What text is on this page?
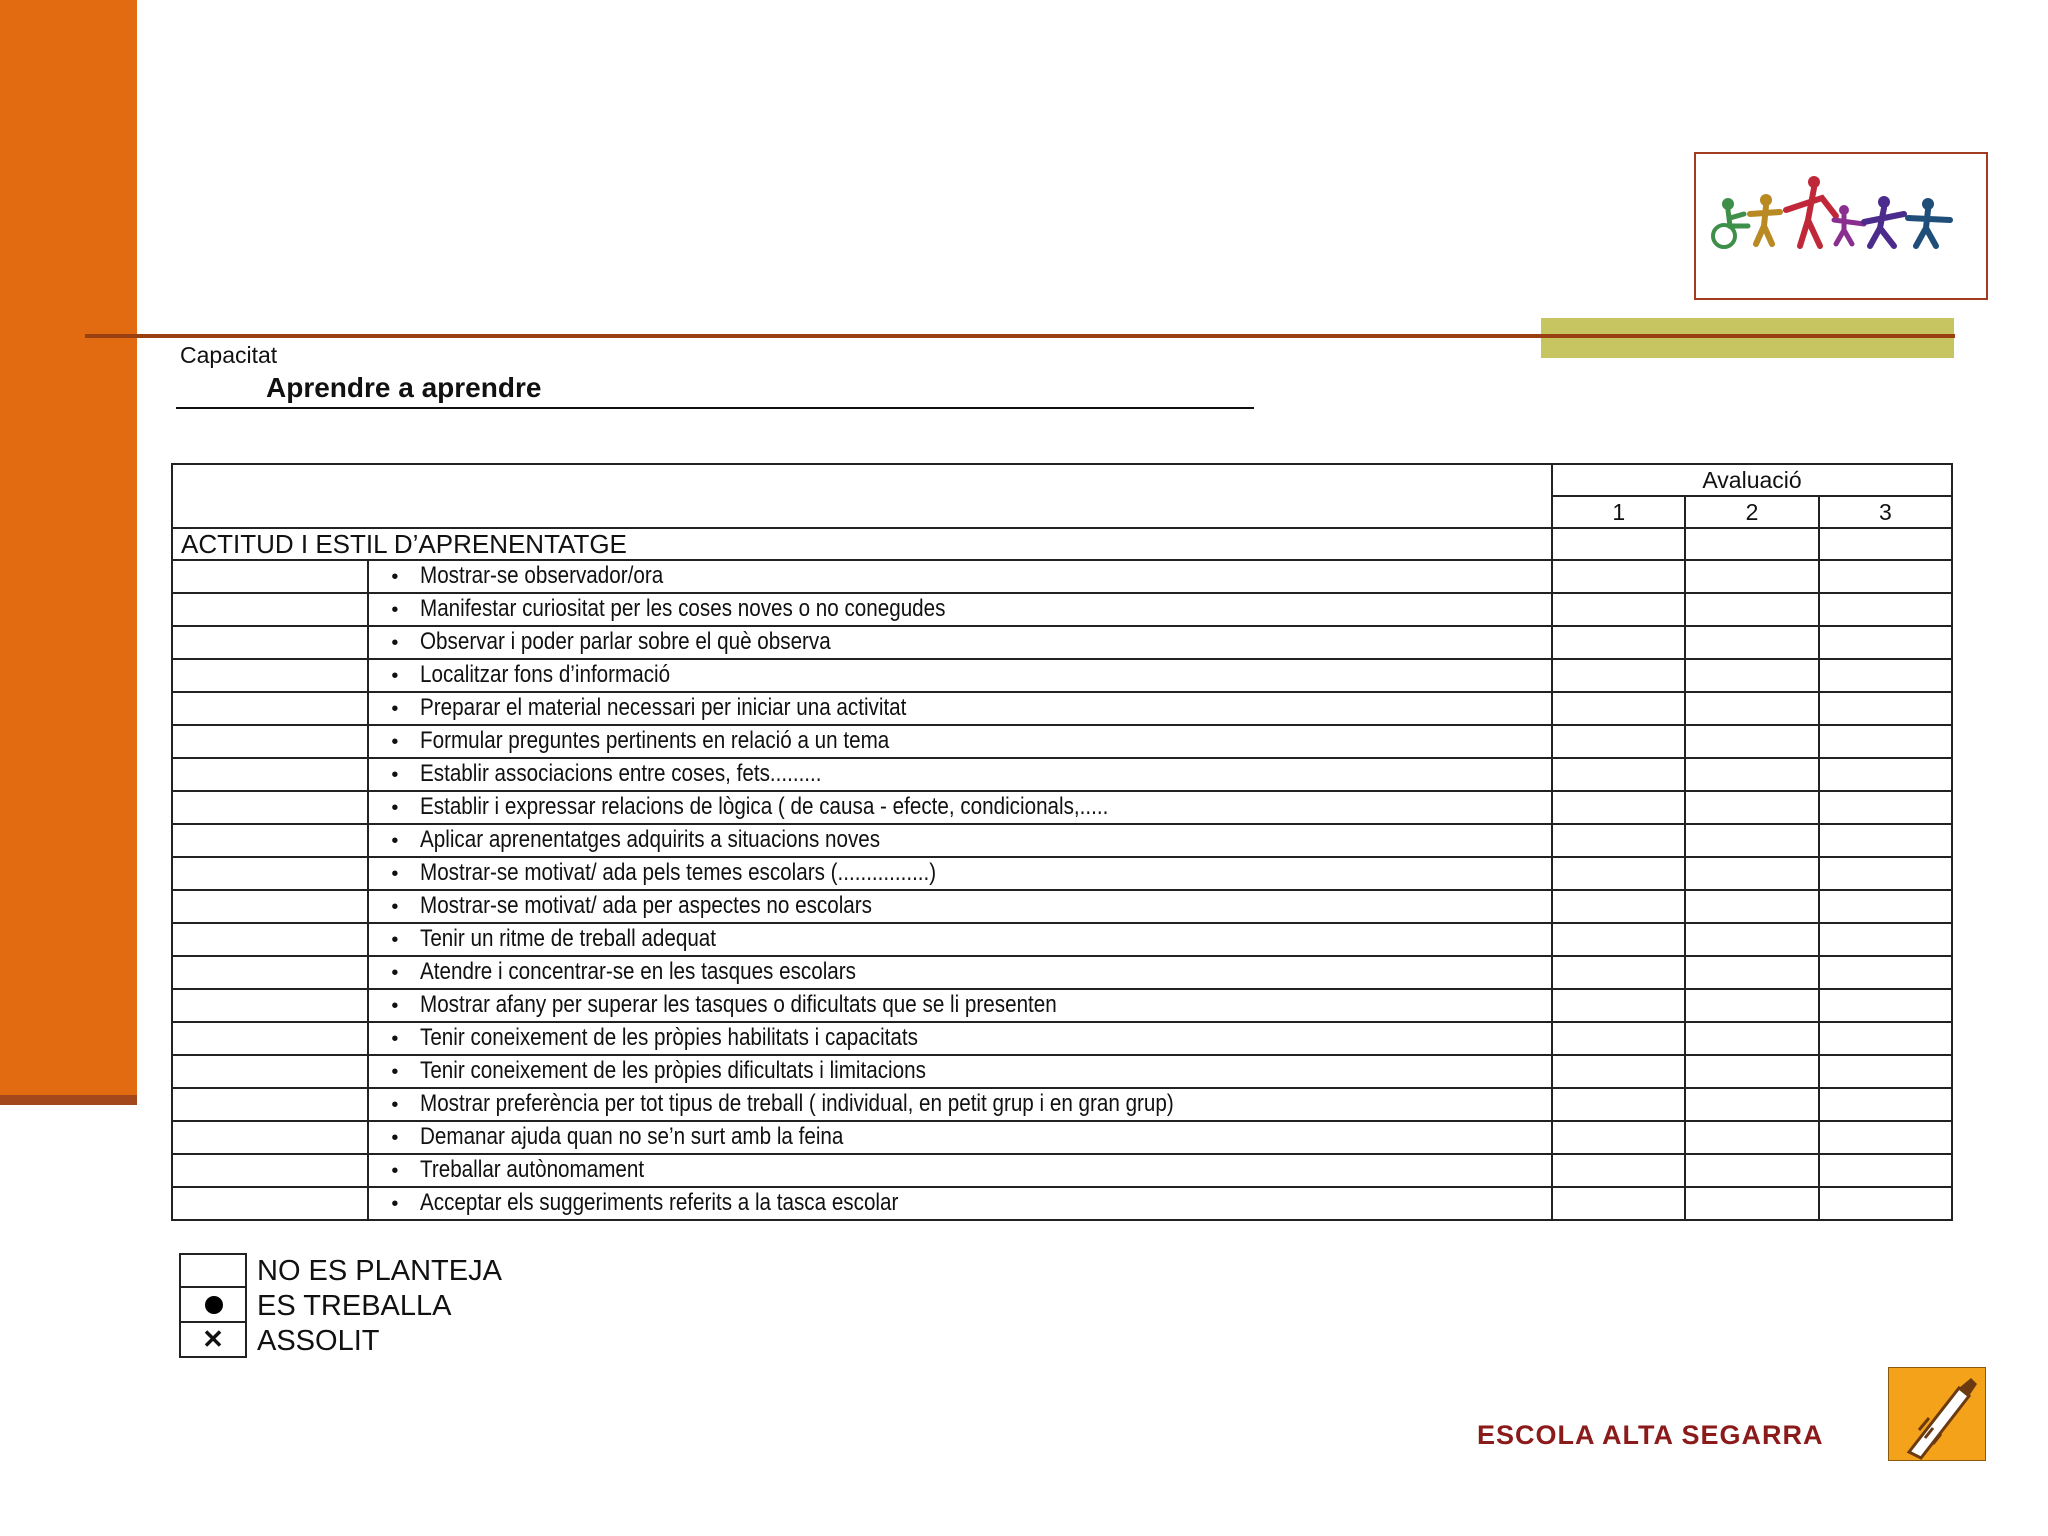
Capacitat
Aprendre a aprendre
		Avaluació		
		1	2	3
ACTITUD I ESTIL D’APRENENTATGE				
	• Mostrar-se observador/ora			
	• Manifestar curiositat per les coses noves o no conegudes			
	• Observar i poder parlar sobre el què observa			
	• Localitzar fons d’informació			
	• Preparar el material necessari per iniciar una activitat			
	• Formular preguntes pertinents en relació a un tema			
	• Establir associacions entre coses, fets.........			
	• Establir i expressar relacions de lògica ( de causa - efecte, condicionals,.....			
	• Aplicar aprenentatges adquirits a situacions noves			
	• Mostrar-se motivat/ ada pels temes escolars (................)			
	• Mostrar-se motivat/ ada per aspectes no escolars			
	• Tenir un ritme de treball adequat			
	• Atendre i concentrar-se en les tasques escolars			
	• Mostrar afany per superar les tasques o dificultats que se li presenten			
	• Tenir coneixement de les pròpies habilitats i capacitats			
	• Tenir coneixement de les pròpies dificultats i limitacions			
	• Mostrar preferència per tot tipus de treball ( individual, en petit grup i en gran grup)			
	• Demanar ajuda quan no se’n surt amb la feina			
	• Treballar autònomament			
	• Acceptar els suggeriments referits a la tasca escolar			
NO ES PLANTEJA
ES TREBALLA
✕	ASSOLIT
ESCOLA ALTA SEGARRA
